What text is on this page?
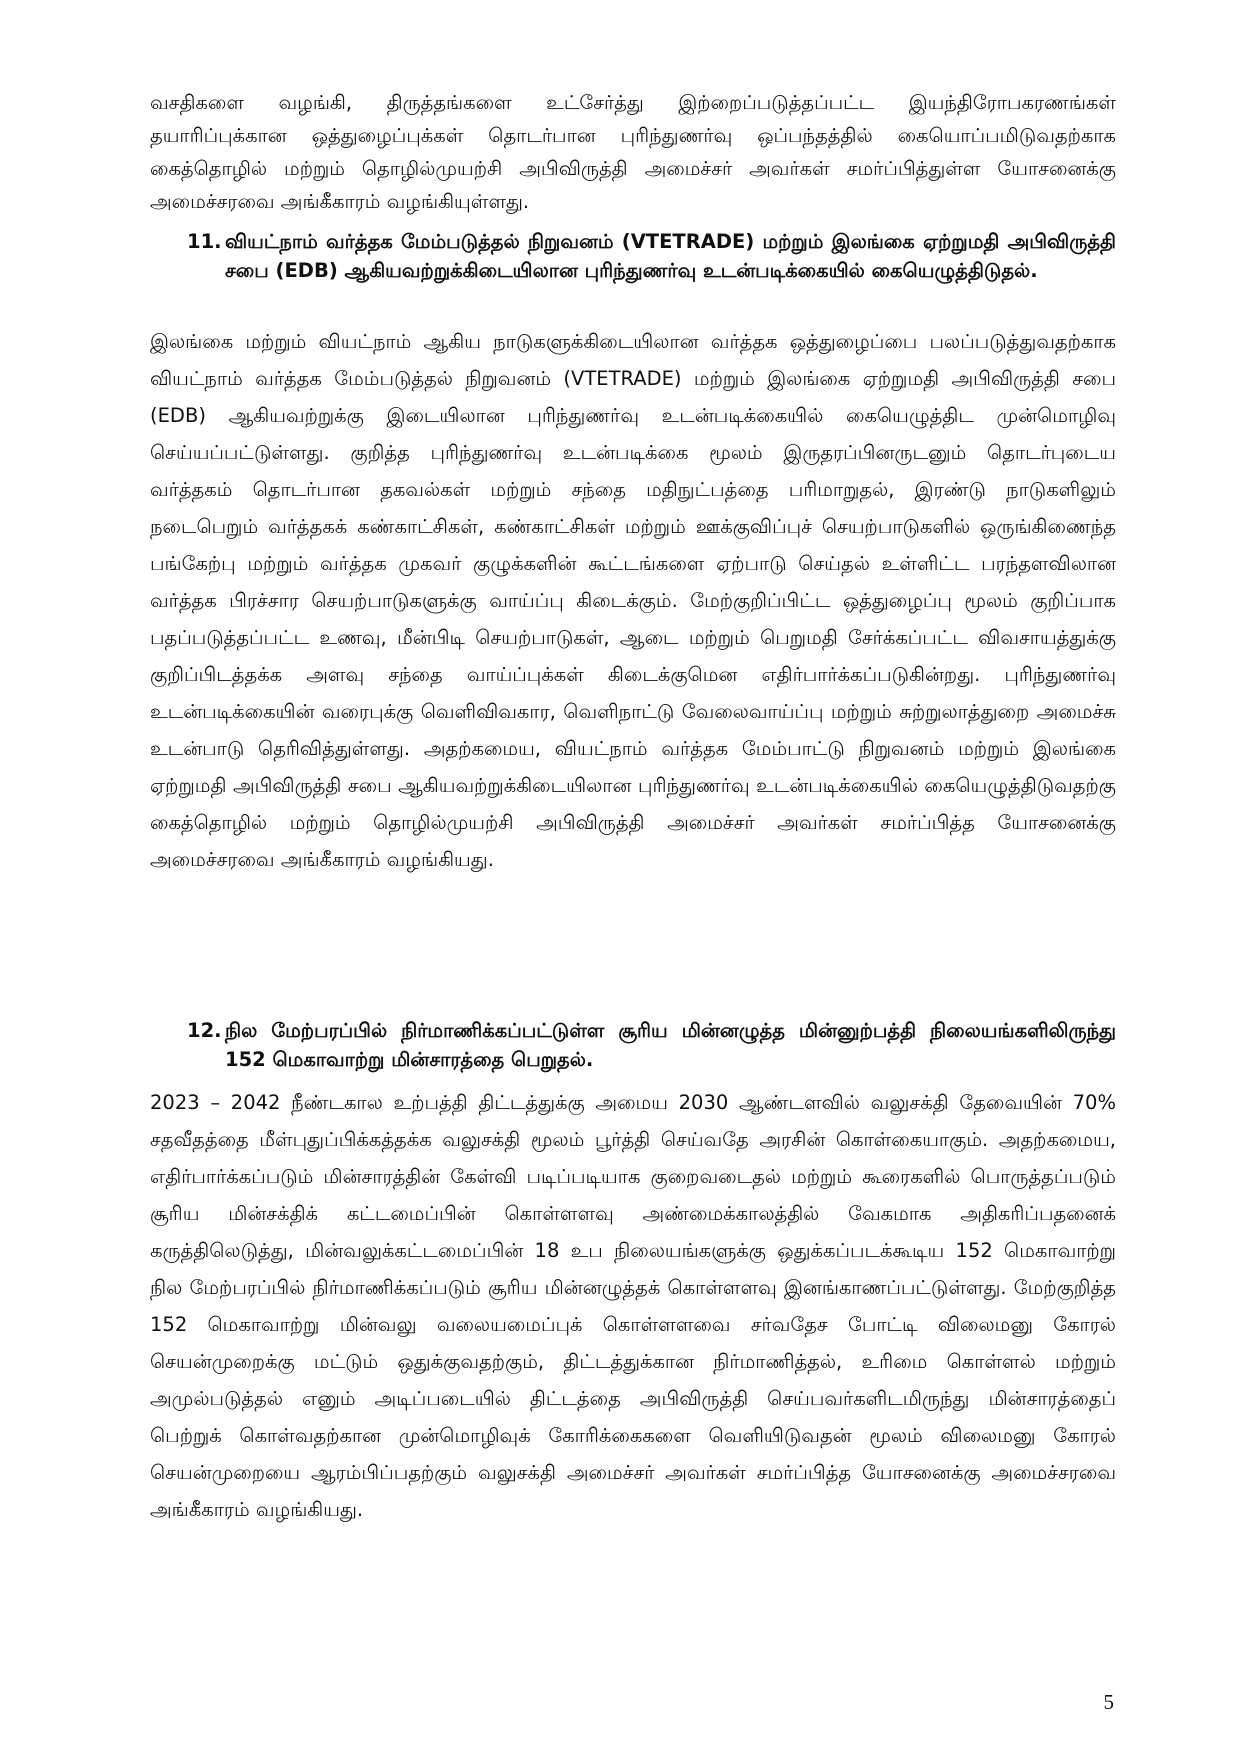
வசதிகளை வழங்கி, திருத்தங்களை உட்சேர்த்து இற்றைப்படுத்தப்பட்ட இயந்திரோபகரணங்கள் தயாரிப்புக்கான ஒத்துழைப்புக்கள் தொடர்பான புரிந்துணர்வு ஒப்பந்தத்தில் கையொப்பமிடுவதற்காக கைத்தொழில் மற்றும் தொழில்முயற்சி அபிவிருத்தி அமைச்சர் அவர்கள் சமர்ப்பித்துள்ள யோசனைக்கு அமைச்சரவை அங்கீகாரம் வழங்கியுள்ளது.

11. வியட்நாம் வர்த்தக மேம்படுத்தல் நிறுவனம் (VTETRADE) மற்றும் இலங்கை ஏற்றுமதி அபிவிருத்தி சபை (EDB) ஆகியவற்றுக்கிடையிலான புரிந்துணர்வு உடன்படிக்கையில் கையெழுத்திடுதல்.

இலங்கை மற்றும் வியட்நாம் ஆகிய நாடுகளுக்கிடையிலான வர்த்தக ஒத்துழைப்பை பலப்படுத்துவதற்காக வியட்நாம் வர்த்தக மேம்படுத்தல் நிறுவனம் (VTETRADE) மற்றும் இலங்கை ஏற்றுமதி அபிவிருத்தி சபை (EDB) ஆகியவற்றுக்கு இடையிலான புரிந்துணர்வு உடன்படிக்கையில் கையெழுத்திட முன்மொழிவு செய்யப்பட்டுள்ளது. குறித்த புரிந்துணர்வு உடன்படிக்கை மூலம் இருதரப்பினருடனும் தொடர்புடைய வர்த்தகம் தொடர்பான தகவல்கள் மற்றும் சந்தை மதிநுட்பத்தை பரிமாறுதல், இரண்டு நாடுகளிலும் நடைபெறும் வர்த்தகக் கண்காட்சிகள், கண்காட்சிகள் மற்றும் ஊக்குவிப்புச் செயற்பாடுகளில் ஒருங்கிணைந்த பங்கேற்பு மற்றும் வர்த்தக முகவர் குழுக்களின் கூட்டங்களை ஏற்பாடு செய்தல் உள்ளிட்ட பரந்தளவிலான வர்த்தக பிரச்சார செயற்பாடுகளுக்கு வாய்ப்பு கிடைக்கும். மேற்குறிப்பிட்ட ஒத்துழைப்பு மூலம் குறிப்பாக பதப்படுத்தப்பட்ட உணவு, மீன்பிடி செயற்பாடுகள், ஆடை மற்றும் பெறுமதி சேர்க்கப்பட்ட விவசாயத்துக்கு குறிப்பிடத்தக்க அளவு சந்தை வாய்ப்புக்கள் கிடைக்குமென எதிர்பார்க்கப்படுகின்றது. புரிந்துணர்வு உடன்படிக்கையின் வரைபுக்கு வெளிவிவகார, வெளிநாட்டு வேலைவாய்ப்பு மற்றும் சுற்றுலாத்துறை அமைச்சு உடன்பாடு தெரிவித்துள்ளது. அதற்கமைய, வியட்நாம் வர்த்தக மேம்பாட்டு நிறுவனம் மற்றும் இலங்கை ஏற்றுமதி அபிவிருத்தி சபை ஆகியவற்றுக்கிடையிலான புரிந்துணர்வு உடன்படிக்கையில் கையெழுத்திடுவதற்கு கைத்தொழில் மற்றும் தொழில்முயற்சி அபிவிருத்தி அமைச்சர் அவர்கள் சமர்ப்பித்த யோசனைக்கு அமைச்சரவை அங்கீகாரம் வழங்கியது.

12. நில மேற்பரப்பில் நிர்மாணிக்கப்பட்டுள்ள சூரிய மின்னழுத்த மின்னுற்பத்தி நிலையங்களிலிருந்து 152 மெகாவாற்று மின்சாரத்தை பெறுதல்.

2023 – 2042 நீண்டகால உற்பத்தி திட்டத்துக்கு அமைய 2030 ஆண்டளவில் வலுசக்தி தேவையின் 70% சதவீதத்தை மீள்புதுப்பிக்கத்தக்க வலுசக்தி மூலம் பூர்த்தி செய்வதே அரசின் கொள்கையாகும். அதற்கமைய, எதிர்பார்க்கப்படும் மின்சாரத்தின் கேள்வி படிப்படியாக குறைவடைதல் மற்றும் கூரைகளில் பொருத்தப்படும் சூரிய மின்சக்திக் கட்டமைப்பின் கொள்ளளவு அண்மைக்காலத்தில் வேகமாக அதிகரிப்பதனைக் கருத்திலெடுத்து, மின்வலுக்கட்டமைப்பின் 18 உப நிலையங்களுக்கு ஒதுக்கப்படக்கூடிய 152 மெகாவாற்று நில மேற்பரப்பில் நிர்மாணிக்கப்படும் சூரிய மின்னழுத்தக் கொள்ளளவு இனங்காணப்பட்டுள்ளது. மேற்குறித்த 152 மெகாவாற்று மின்வலு வலையமைப்புக் கொள்ளளவை சர்வதேச போட்டி விலைமனு கோரல் செயன்முறைக்கு மட்டும் ஒதுக்குவதற்கும், திட்டத்துக்கான நிர்மாணித்தல், உரிமை கொள்ளல் மற்றும் அமுல்படுத்தல் எனும் அடிப்படையில் திட்டத்தை அபிவிருத்தி செய்பவர்களிடமிருந்து மின்சாரத்தைப் பெற்றுக் கொள்வதற்கான முன்மொழிவுக் கோரிக்கைகளை வெளியிடுவதன் மூலம் விலைமனு கோரல் செயன்முறையை ஆரம்பிப்பதற்கும் வலுசக்தி அமைச்சர் அவர்கள் சமர்ப்பித்த யோசனைக்கு அமைச்சரவை அங்கீகாரம் வழங்கியது.

5
